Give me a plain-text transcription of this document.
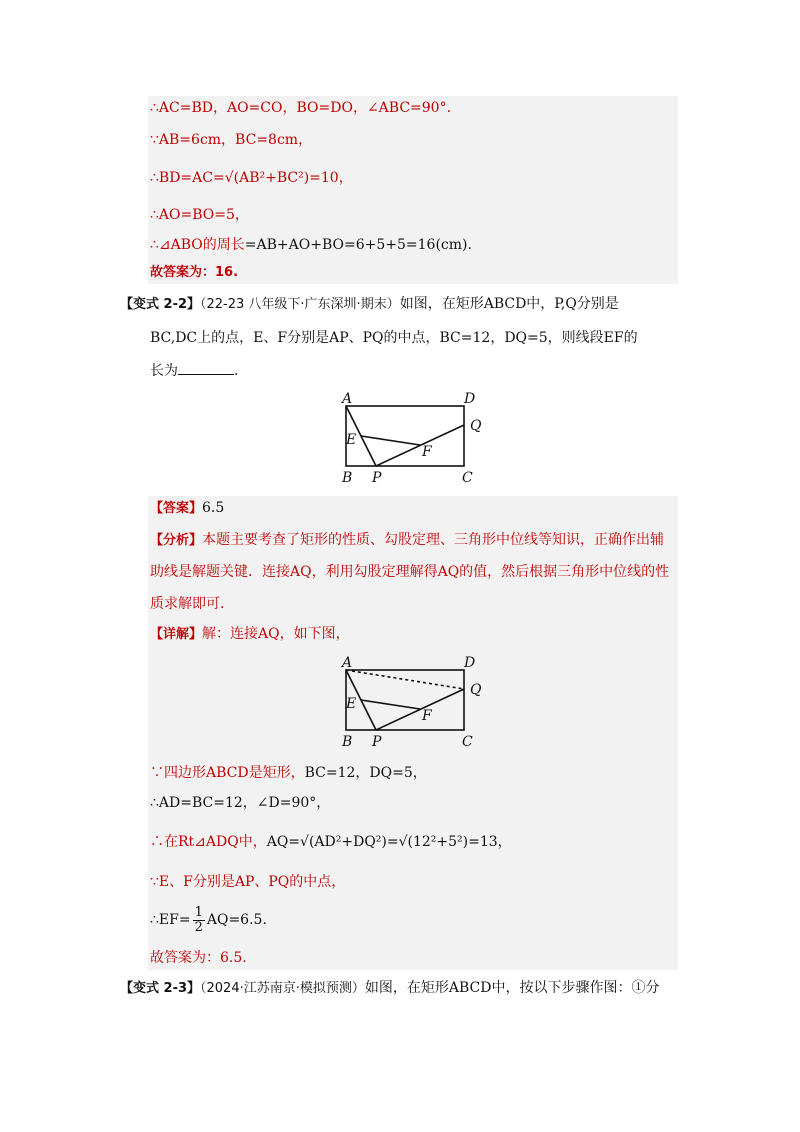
∴AC=BD，AO=CO，BO=DO，∠ABC=90°.
∵AB=6cm，BC=8cm，
∴BD=AC=√(AB²+BC²)=10，
∴AO=BO=5，
∴⊿ABO的周长=AB+AO+BO=6+5+5=16(cm).
故答案为：16.
【变式 2-2】（22-23 八年级下·广东深圳·期末）如图，在矩形ABCD中，P,Q分别是
BC,DC上的点，E、F分别是AP、PQ的中点，BC=12，DQ=5，则线段EF的
长为	.
A	D
E
F
Q
B P	C
【答案】6.5
【分析】本题主要考查了矩形的性质、勾股定理、三角形中位线等知识，正确作出辅
助线是解题关键．连接AQ，利用勾股定理解得AQ的值，然后根据三角形中位线的性
质求解即可.
【详解】解：连接AQ，如下图，
A	D
E
F
Q
B P	C
∵四边形ABCD是矩形，BC=12，DQ=5，
∴AD=BC=12，∠D=90°，
∴在Rt⊿ADQ中，AQ=√(AD²+DQ²)=√(12²+5²)=13，
∵E、F分别是AP、PQ的中点，
∴EF= $\frac{1}{2} AQ=6.5$.
故答案为：6.5.
【变式 2-3】（2024·江苏南京·模拟预测）如图，在矩形ABCD中，按以下步骤作图：①分
